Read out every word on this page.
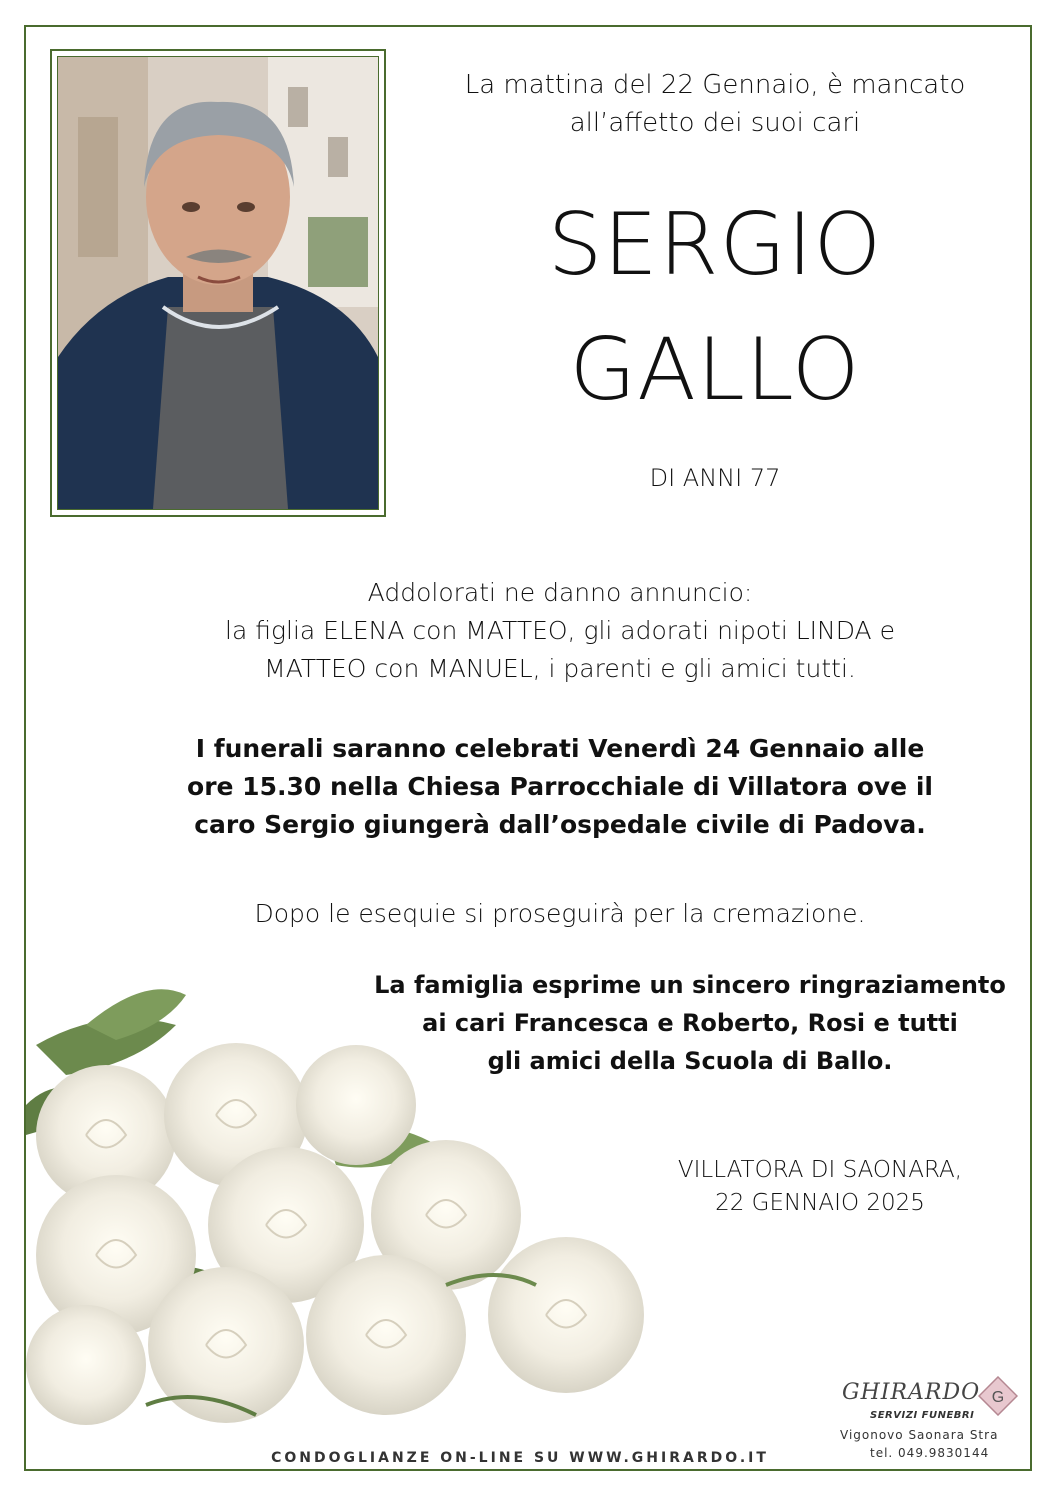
La mattina del 22 Gennaio, è mancato
all’affetto dei suoi cari
SERGIO
GALLO
DI ANNI 77
Addolorati ne danno annuncio:
la figlia ELENA con MATTEO, gli adorati nipoti LINDA e
MATTEO con MANUEL, i parenti e gli amici tutti.
I funerali saranno celebrati Venerdì 24 Gennaio alle
ore 15.30 nella Chiesa Parrocchiale di Villatora ove il
caro Sergio giungerà dall’ospedale civile di Padova.
Dopo le esequie si proseguirà per la cremazione.
La famiglia esprime un sincero ringraziamento
ai cari Francesca e Roberto, Rosi e tutti
gli amici della Scuola di Ballo.
VILLATORA DI SAONARA,
22 GENNAIO 2025
GHIRARDO
SERVIZI FUNEBRI
G
Vigonovo Saonara Stra
tel. 049.9830144
CONDOGLIANZE ON-LINE SU WWW.GHIRARDO.IT
